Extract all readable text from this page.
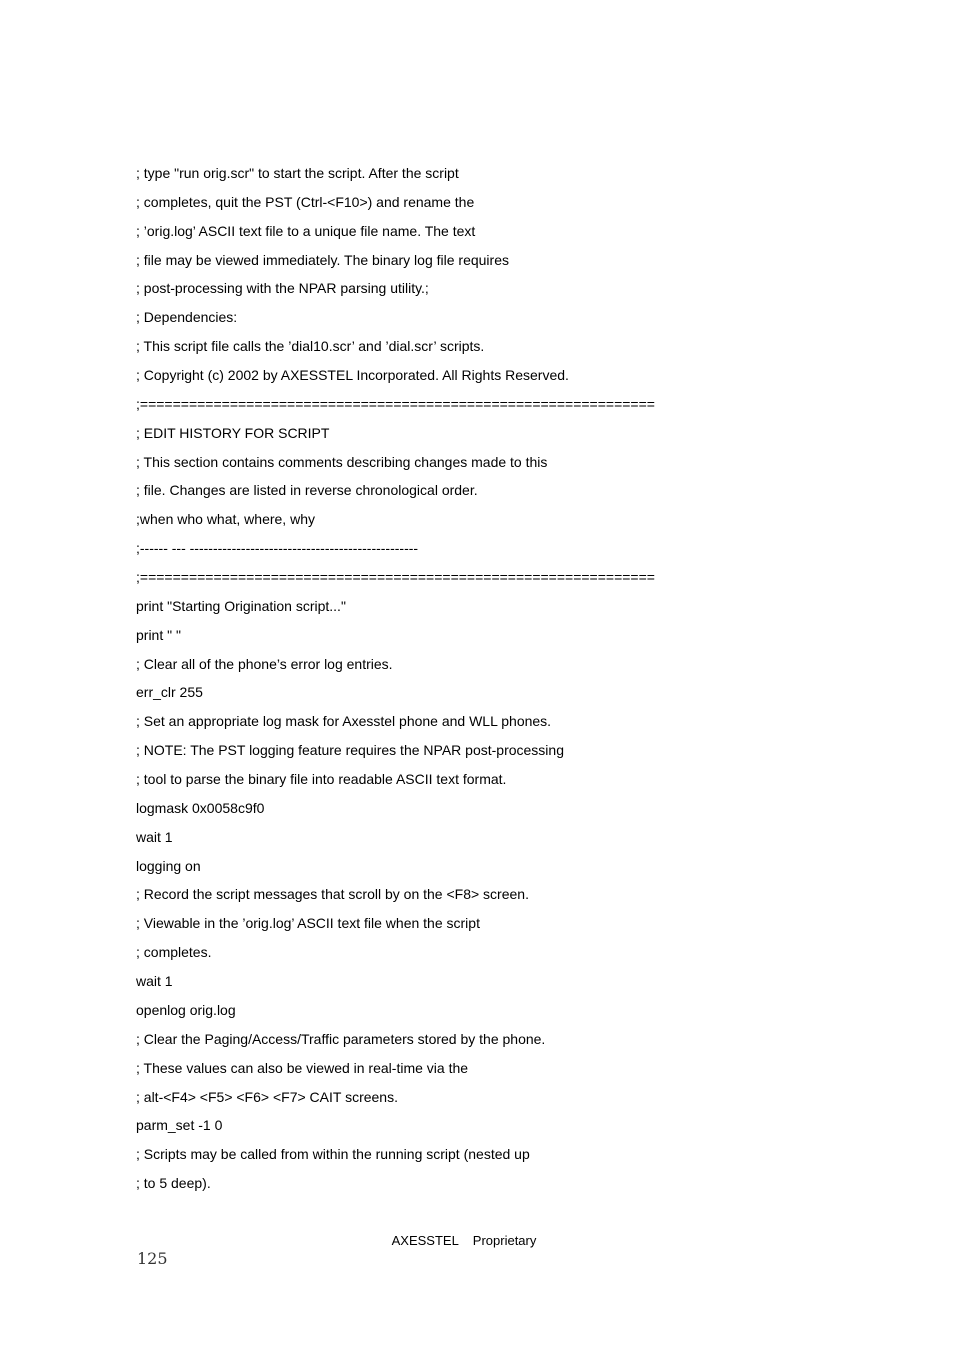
; type "run orig.scr" to start the script. After the script
; completes, quit the PST (Ctrl-<F10>) and rename the
; ’orig.log’ ASCII text file to a unique file name. The text
; file may be viewed immediately. The binary log file requires
; post-processing with the NPAR parsing utility.;
; Dependencies:
; This script file calls the ’dial10.scr’ and ’dial.scr’ scripts.
; Copyright (c) 2002 by AXESSTEL Incorporated. All Rights Reserved.
;===============================================================
; EDIT HISTORY FOR SCRIPT
; This section contains comments describing changes made to this
; file. Changes are listed in reverse chronological order.
;when who what, where, why
;------ --- -------------------------------------------------
;===============================================================
print "Starting Origination script..."
print " "
; Clear all of the phone’s error log entries.
err_clr 255
; Set an appropriate log mask for Axesstel phone and WLL phones.
; NOTE: The PST logging feature requires the NPAR post-processing
; tool to parse the binary file into readable ASCII text format.
logmask 0x0058c9f0
wait 1
logging on
; Record the script messages that scroll by on the <F8> screen.
; Viewable in the ’orig.log’ ASCII text file when the script
; completes.
wait 1
openlog orig.log
; Clear the Paging/Access/Traffic parameters stored by the phone.
; These values can also be viewed in real-time via the
; alt-<F4> <F5> <F6> <F7> CAIT screens.
parm_set -1 0
; Scripts may be called from within the running script (nested up
; to 5 deep).
AXESSTEL    Proprietary
125
